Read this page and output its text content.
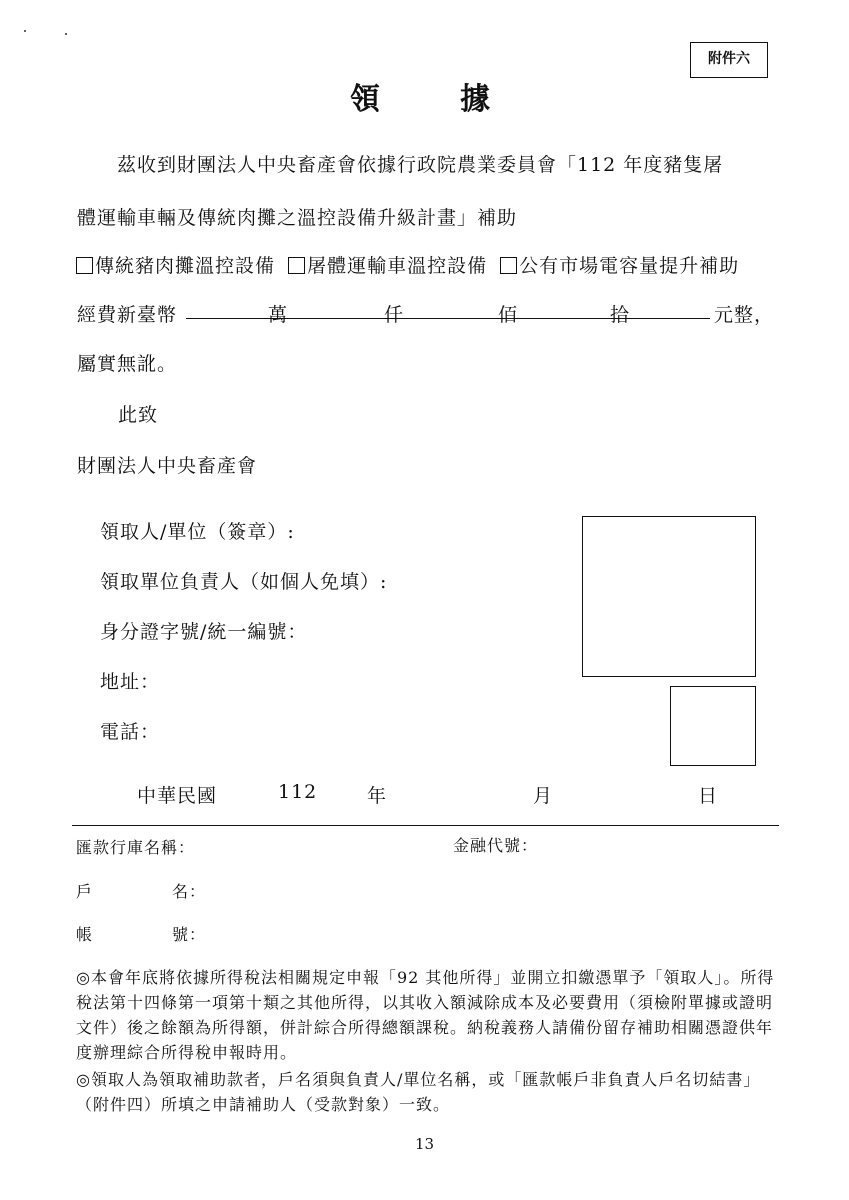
附件六
領據
茲收到財團法人中央畜產會依據行政院農業委員會「112 年度豬隻屠
體運輸車輛及傳統肉攤之溫控設備升級計畫」補助
傳統豬肉攤溫控設備 屠體運輸車溫控設備 公有市場電容量提升補助
經費新臺幣	萬	仟	佰	拾	元整，
屬實無訛。
此致
財團法人中央畜產會
領取人/單位（簽章）:
領取單位負責人（如個人免填）:
身分證字號/統一編號：
地址：
電話：
中華民國	112	年	月	日
匯款行庫名稱：	金融代號：
戶	名：
帳	號：
◎本會年底將依據所得稅法相關規定申報「92 其他所得」並開立扣繳憑單予「領取人」。所得稅法第十四條第一項第十類之其他所得，以其收入額減除成本及必要費用（須檢附單據或證明文件）後之餘額為所得額，併計綜合所得總額課稅。納稅義務人請備份留存補助相關憑證供年度辦理綜合所得稅申報時用。
◎領取人為領取補助款者，戶名須與負責人/單位名稱，或「匯款帳戶非負責人戶名切結書」（附件四）所填之申請補助人（受款對象）一致。
13
